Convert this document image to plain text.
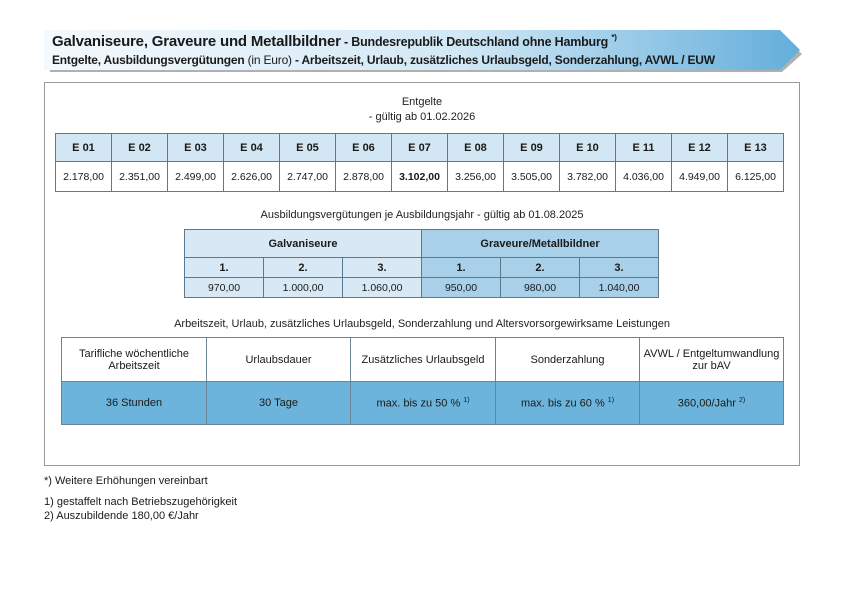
Galvaniseure, Graveure und Metallbildner - Bundesrepublik Deutschland ohne Hamburg *)
Entgelte, Ausbildungsvergütungen (in Euro) - Arbeitszeit, Urlaub, zusätzliches Urlaubsgeld, Sonderzahlung, AVWL / EUW
Entgelte
- gültig ab 01.02.2026
E 01	E 02	E 03	E 04	E 05	E 06	E 07	E 08	E 09	E 10	E 11	E 12	E 13
2.178,00	2.351,00	2.499,00	2.626,00	2.747,00	2.878,00	3.102,00	3.256,00	3.505,00	3.782,00	4.036,00	4.949,00	6.125,00
Ausbildungsvergütungen je Ausbildungsjahr - gültig ab 01.08.2025
Galvaniseure			Graveure/Metallbildner		
1.	2.	3.	1.	2.	3.
970,00	1.000,00	1.060,00	950,00	980,00	1.040,00
Arbeitszeit, Urlaub, zusätzliches Urlaubsgeld, Sonderzahlung und Altersvorsorgewirksame Leistungen
Tarifliche wöchentliche Arbeitszeit	Urlaubsdauer	Zusätzliches Urlaubsgeld	Sonderzahlung	AVWL / Entgeltumwandlung zur bAV
36 Stunden	30 Tage	max. bis zu 50 % $^{1)}$	max. bis zu 60 % $^{1)}$	360,00/Jahr $^{2)}$
*) Weitere Erhöhungen vereinbart
1) gestaffelt nach Betriebszugehörigkeit
2) Auszubildende 180,00 €/Jahr
